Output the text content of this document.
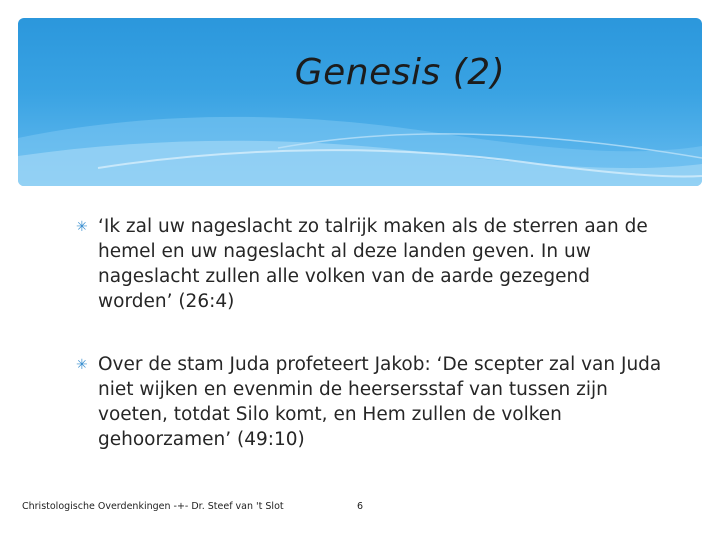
Genesis (2)
✳ ‘Ik zal uw nageslacht zo talrijk maken als de sterren aan de hemel en uw nageslacht al deze landen geven. In uw nageslacht zullen alle volken van de aarde gezegend worden’ (26:4)
✳ Over de stam Juda profeteert Jakob: ‘De scepter zal van Juda niet wijken en evenmin de heersersstaf van tussen zijn voeten, totdat Silo komt, en Hem zullen de volken gehoorzamen’ (49:10)
Christologische Overdenkingen -+- Dr. Steef van 't Slot	6
